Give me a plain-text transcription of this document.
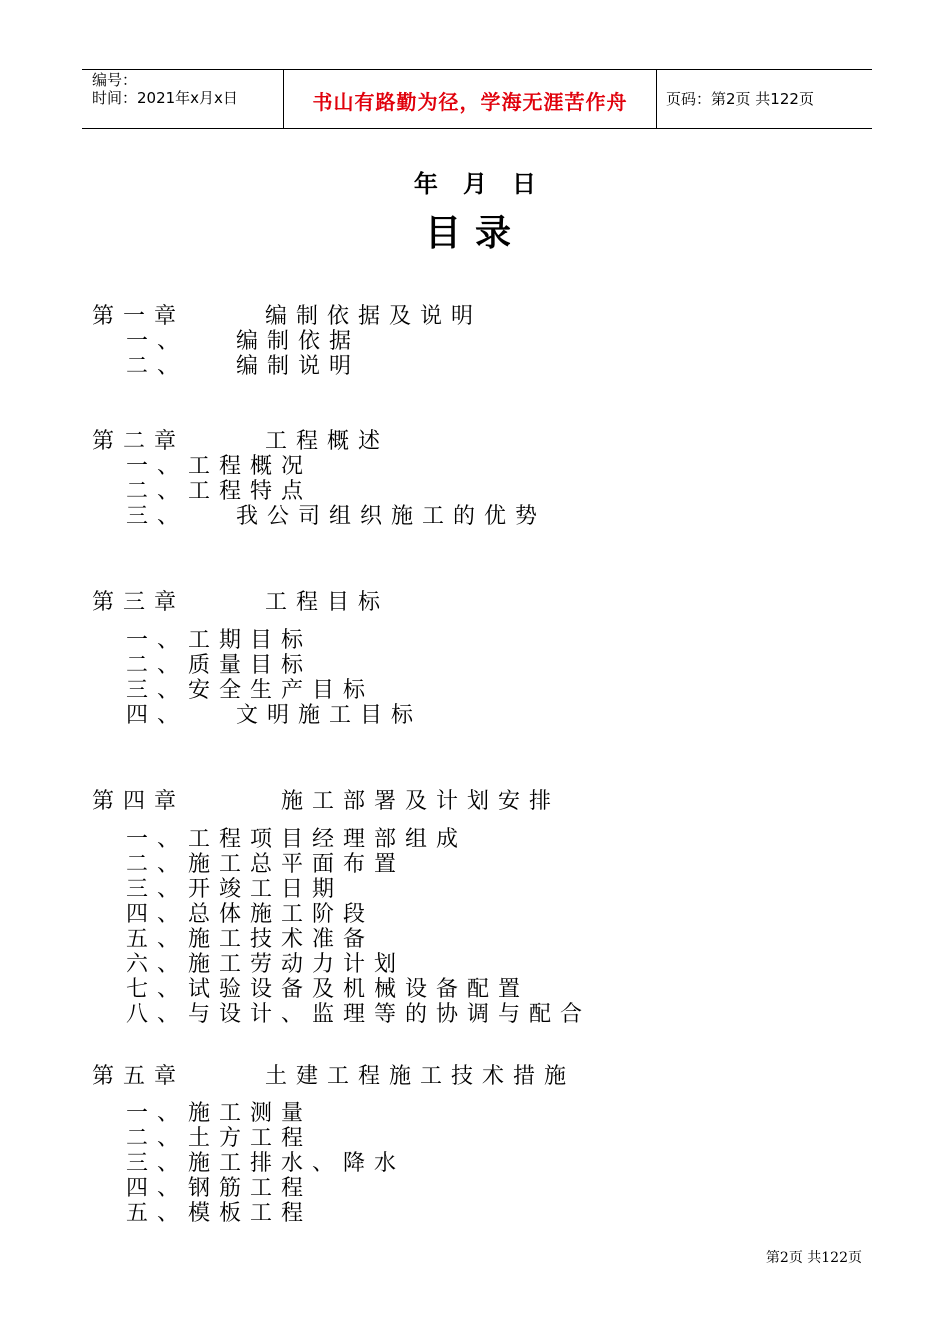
编号：
时间：2021年x月x日	书山有路勤为径，学海无涯苦作舟	页码：第2页 共122页
年   月   日
目录
第一章     编制依据及说明
一、   编制依据
二、   编制说明
第二章     工程概述
一、工程概况
二、工程特点
三、   我公司组织施工的优势
第三章     工程目标
一、工期目标
二、质量目标
三、安全生产目标
四、   文明施工目标
第四章      施工部署及计划安排
一、工程项目经理部组成
二、施工总平面布置
三、开竣工日期
四、总体施工阶段
五、施工技术准备
六、施工劳动力计划
七、试验设备及机械设备配置
八、与设计、监理等的协调与配合
第五章     土建工程施工技术措施
一、施工测量
二、土方工程
三、施工排水、降水
四、钢筋工程
五、模板工程
第2页 共122页
